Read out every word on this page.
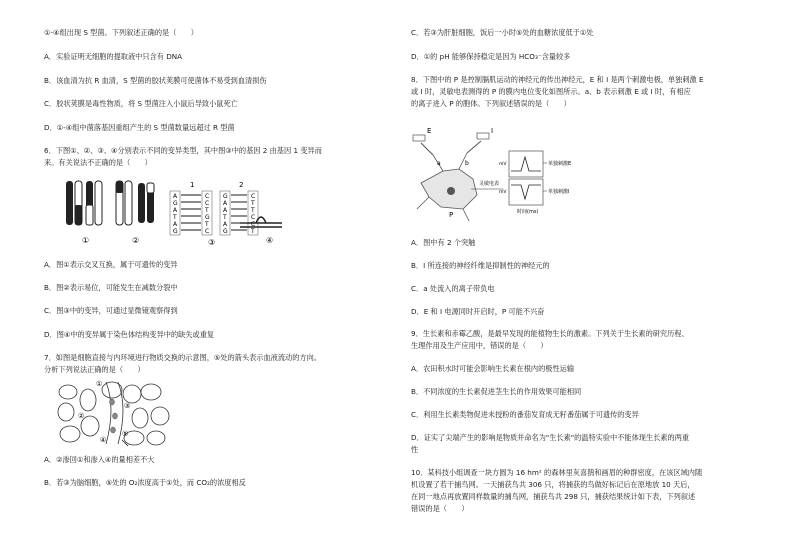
①-④组出现 S 型菌。下列叙述正确的是（　　）
A．实验证明无细胞的提取液中只含有 DNA
B．该血清为抗 R 血清，S 型菌的胶状荚膜可使菌体不易受到血清损伤
C．胶状荚膜是毒性物质，将 S 型菌注入小鼠后导致小鼠死亡
D．①-④组中菌落基因重组产生的 S 型菌数量远超过 R 型菌
6．下图①、②、③、④分别表示不同的变异类型，其中图③中的基因 2 由基因 1 变异而
来。有关说法不正确的是（　　）
①	②
1	2
③	④
A
G
A
T
A
G
C
C
T
G
T
C
G
A
A
T
A
G
C
T
T
C
C
T
A．图①表示交叉互换，属于可遗传的变异
B．图②表示易位，可能发生在减数分裂中
C．图③中的变异，可通过显微镜观察得到
D．图④中的变异属于染色体结构变异中的缺失或重复
7．如图是细胞直接与内环境进行物质交换的示意图，⑤处的箭头表示血液流动的方向。
分析下列说法正确的是（　　）
①
②
③
④
⑤
A．②渗回①和渗入④的量相差不大
B．若③为脑细胞，⑤处的 O₂浓度高于①处，而 CO₂的浓度相反
C．若③为肝脏细胞，饭后一小时⑤处的血糖浓度低于①处
D．①的 pH 能够保持稳定是因为 HCO₃⁻含量较多
8．下图中的 P 是控制膈肌运动的神经元的传出神经元，E 和 I 是两个刺激电极，单独刺激 E
或 I 时，灵敏电表测得的 P 的膜内电位变化如图所示。a、b 表示刺激 E 或 I 时，有相应
的离子进入 P 的胞体。下列叙述错误的是（　　）
E	I
a	b
P
灵敏电表
mV
mV
单独刺激E
单独刺激I
时间(ms)
A．图中有 2 个突触
B．I 所连接的神经纤维是抑制性的神经元的
C．a 处流入的离子带负电
D．E 和 I 电源同时开启时，P 可能不兴奋
9．生长素和赤霉乙酸，是最早发现的能植物生长的激素。下列关于生长素的研究历程、
生理作用及生产应用中，错误的是（　　）
A．农田积水时可能会影响生长素在根内的极性运输
B．不同浓度的生长素促进茎生长的作用效果可能相同
C．利用生长素类物促进未授粉的番茄发育成无籽番茄属于可遗传的变异
D．证实了尖端产生的影响是物质并命名为"生长素"的温特实验中不能体现生长素的两重
性
10．某科技小组调查一块方圆为 16 hm² 的森林里灰喜鹊和画眉的种群密度，在该区域内随
机设置了若干捕鸟网。一天捕获鸟共 306 只，将捕获的鸟做好标记后在原地放 10 天后，
在同一地点再放置同样数量的捕鸟网，捕获鸟共 298 只，捕获结果统计如下表，下列叙述
错误的是（　　）
